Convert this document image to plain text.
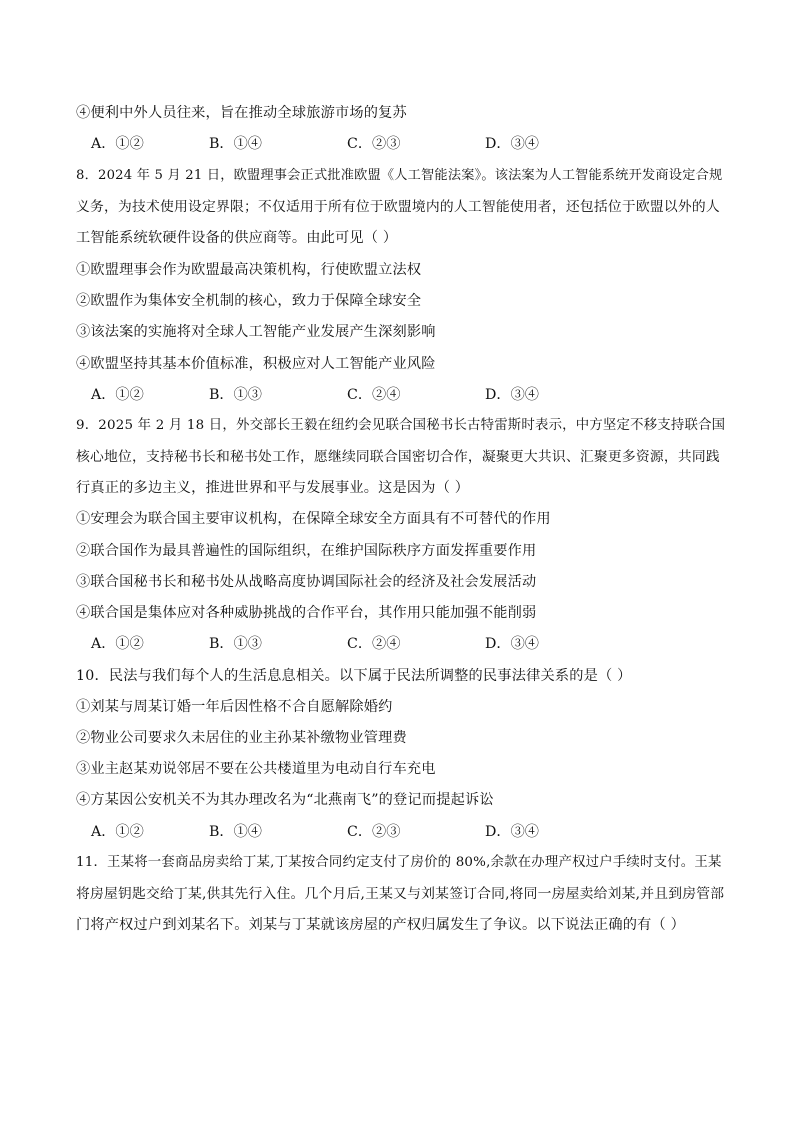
④便利中外人员往来，旨在推动全球旅游市场的复苏
A．①②	B．①④	C．②③	D．③④
8．2024 年 5 月 21 日，欧盟理事会正式批准欧盟《人工智能法案》。该法案为人工智能系统开发商设定合规
义务，为技术使用设定界限；不仅适用于所有位于欧盟境内的人工智能使用者，还包括位于欧盟以外的人
工智能系统软硬件设备的供应商等。由此可见（ ）
①欧盟理事会作为欧盟最高决策机构，行使欧盟立法权
②欧盟作为集体安全机制的核心，致力于保障全球安全
③该法案的实施将对全球人工智能产业发展产生深刻影响
④欧盟坚持其基本价值标准，积极应对人工智能产业风险
A．①②	B．①③	C．②④	D．③④
9．2025 年 2 月 18 日，外交部长王毅在纽约会见联合国秘书长古特雷斯时表示，中方坚定不移支持联合国
核心地位，支持秘书长和秘书处工作，愿继续同联合国密切合作，凝聚更大共识、汇聚更多资源，共同践
行真正的多边主义，推进世界和平与发展事业。这是因为（ ）
①安理会为联合国主要审议机构，在保障全球安全方面具有不可替代的作用
②联合国作为最具普遍性的国际组织，在维护国际秩序方面发挥重要作用
③联合国秘书长和秘书处从战略高度协调国际社会的经济及社会发展活动
④联合国是集体应对各种威胁挑战的合作平台，其作用只能加强不能削弱
A．①②	B．①③	C．②④	D．③④
10．民法与我们每个人的生活息息相关。以下属于民法所调整的民事法律关系的是（ ）
①刘某与周某订婚一年后因性格不合自愿解除婚约
②物业公司要求久未居住的业主孙某补缴物业管理费
③业主赵某劝说邻居不要在公共楼道里为电动自行车充电
④方某因公安机关不为其办理改名为“北燕南飞”的登记而提起诉讼
A．①②	B．①④	C．②③	D．③④
11．王某将一套商品房卖给丁某,丁某按合同约定支付了房价的 80%,余款在办理产权过户手续时支付。王某
将房屋钥匙交给丁某,供其先行入住。几个月后,王某又与刘某签订合同,将同一房屋卖给刘某,并且到房管部
门将产权过户到刘某名下。刘某与丁某就该房屋的产权归属发生了争议。以下说法正确的有（ ）
